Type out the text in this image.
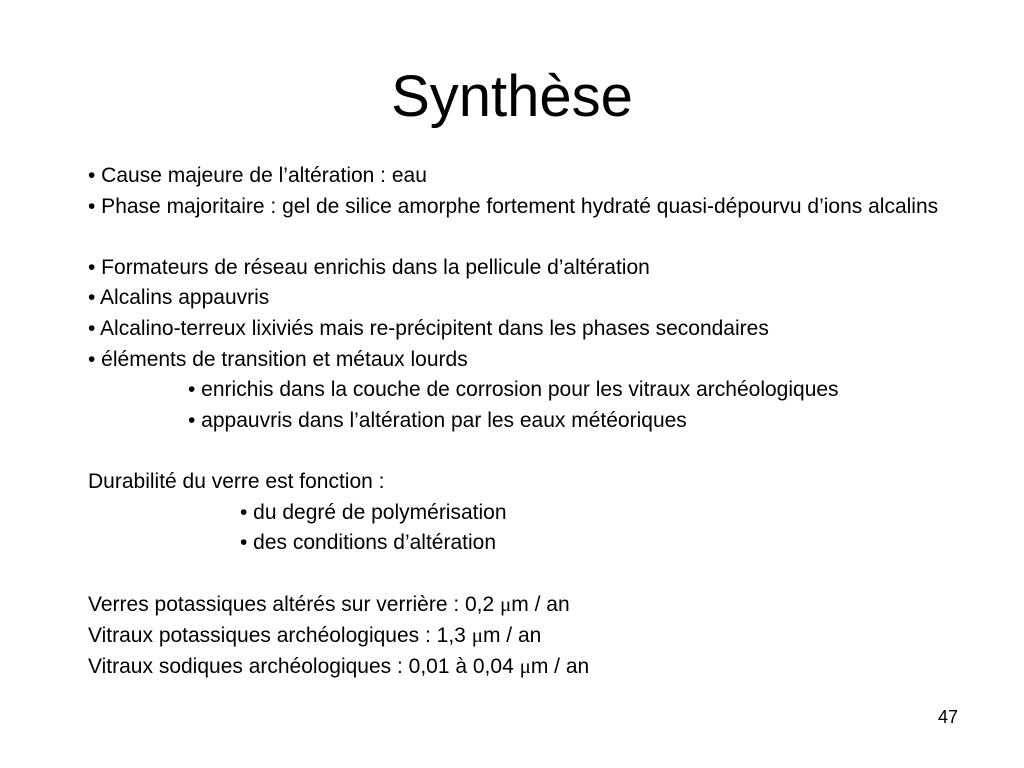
Synthèse
• Cause majeure de l’altération : eau
• Phase majoritaire : gel de silice amorphe fortement hydraté quasi-dépourvu d’ions alcalins
• Formateurs de réseau enrichis dans la pellicule d’altération
• Alcalins appauvris
• Alcalino-terreux lixiviés mais re-précipitent dans les phases secondaires
• éléments de transition et métaux lourds
• enrichis dans la couche de corrosion pour les vitraux archéologiques
• appauvris dans l’altération par les eaux météoriques
Durabilité du verre est fonction :
• du degré de polymérisation
• des conditions d’altération
Verres potassiques altérés sur verrière : 0,2 μm / an
Vitraux potassiques archéologiques : 1,3 μm / an
Vitraux sodiques archéologiques : 0,01 à 0,04 μm / an
47
